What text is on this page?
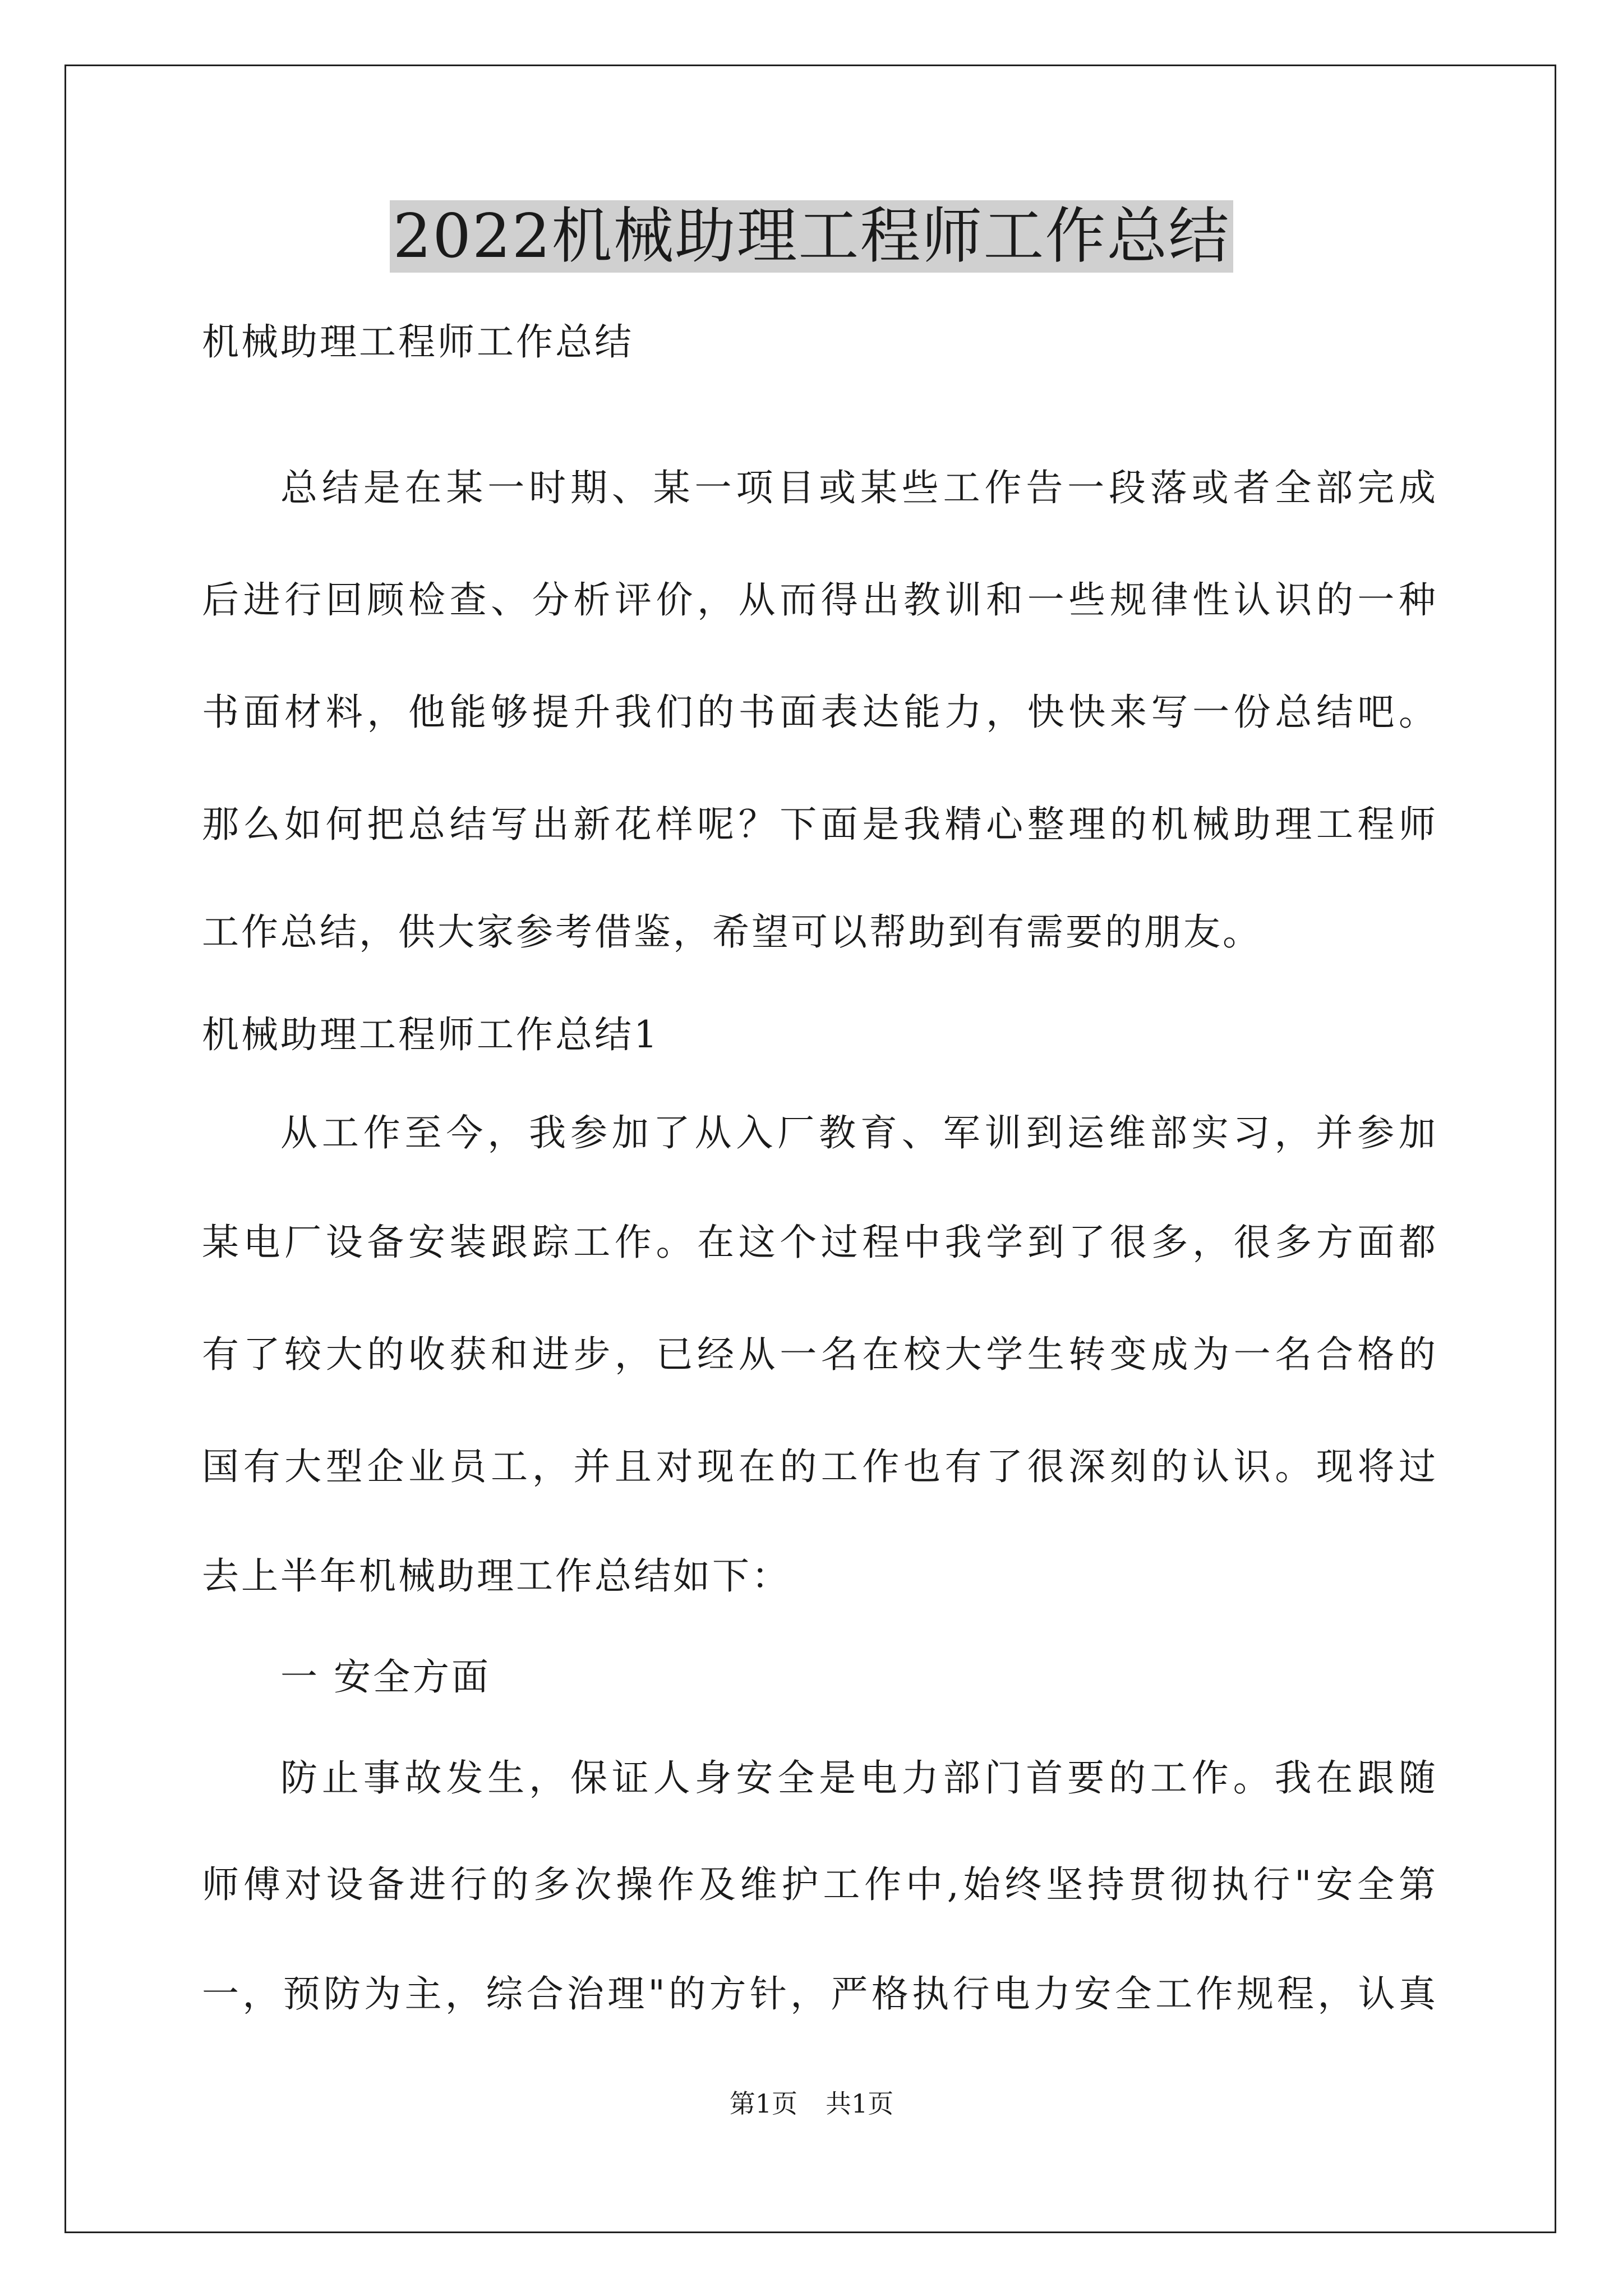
2022机械助理工程师工作总结
机械助理工程师工作总结
总结是在某一时期、某一项目或某些工作告一段落或者全部完成
后进行回顾检查、分析评价，从而得出教训和一些规律性认识的一种
书面材料，他能够提升我们的书面表达能力，快快来写一份总结吧。
那么如何把总结写出新花样呢？下面是我精心整理的机械助理工程师
工作总结，供大家参考借鉴，希望可以帮助到有需要的朋友。
机械助理工程师工作总结1
从工作至今，我参加了从入厂教育、军训到运维部实习，并参加
某电厂设备安装跟踪工作。在这个过程中我学到了很多，很多方面都
有了较大的收获和进步，已经从一名在校大学生转变成为一名合格的
国有大型企业员工，并且对现在的工作也有了很深刻的认识。现将过
去上半年机械助理工作总结如下：
一 安全方面
防止事故发生，保证人身安全是电力部门首要的工作。我在跟随
师傅对设备进行的多次操作及维护工作中,始终坚持贯彻执行"安全第
一，预防为主，综合治理"的方针，严格执行电力安全工作规程，认真
第1页 共1页
